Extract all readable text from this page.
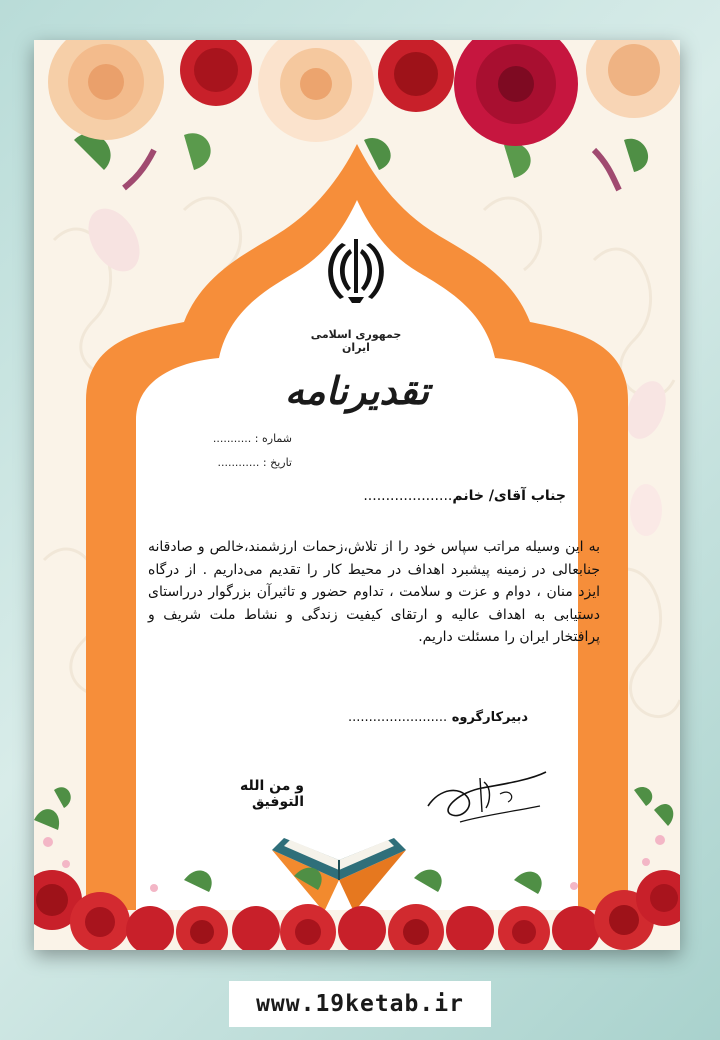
جمهوری اسلامی ایران
تقدیرنامه
شماره : ...........
تاریخ : ............
جناب آقای/ خانم....................
به این وسیله مراتب سپاس خود را از تلاش،زحمات ارزشمند،خالص و صادقانه جنابعالی در زمینه پیشبرد اهداف در محیط کار را تقدیم می‌داریم . از درگاه ایزد منان ، دوام و عزت و سلامت ، تداوم حضور و تاثیرآن بزرگوار درراستای دستیابی به اهداف عالیه و ارتقای کیفیت زندگی و نشاط ملت شریف و پرافتخار ایران را مسئلت داریم.
دبیرکارگروه ........................
و من الله التوفیق
www.19ketab.ir
